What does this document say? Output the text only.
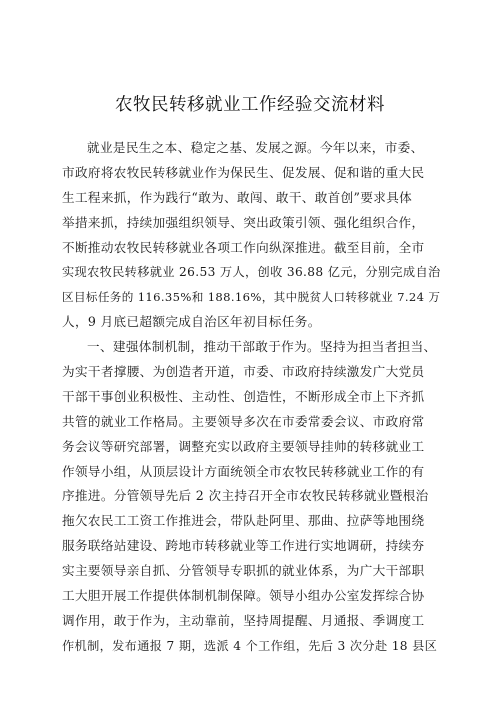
农牧民转移就业工作经验交流材料
就业是民生之本、稳定之基、发展之源。今年以来，市委、
市政府将农牧民转移就业作为保民生、促发展、促和谐的重大民
生工程来抓，作为践行“敢为、敢闯、敢干、敢首创”要求具体
举措来抓，持续加强组织领导、突出政策引领、强化组织合作，
不断推动农牧民转移就业各项工作向纵深推进。截至目前，全市
实现农牧民转移就业 26.53 万人，创收 36.88 亿元，分别完成自治
区目标任务的 116.35%和 188.16%，其中脱贫人口转移就业 7.24 万
人，9 月底已超额完成自治区年初目标任务。
一、建强体制机制，推动干部敢于作为。坚持为担当者担当、
为实干者撑腰、为创造者开道，市委、市政府持续激发广大党员
干部干事创业积极性、主动性、创造性，不断形成全市上下齐抓
共管的就业工作格局。主要领导多次在市委常委会议、市政府常
务会议等研究部署，调整充实以政府主要领导挂帅的转移就业工
作领导小组，从顶层设计方面统领全市农牧民转移就业工作的有
序推进。分管领导先后 2 次主持召开全市农牧民转移就业暨根治
拖欠农民工工资工作推进会，带队赴阿里、那曲、拉萨等地围绕
服务联络站建设、跨地市转移就业等工作进行实地调研，持续夯
实主要领导亲自抓、分管领导专职抓的就业体系，为广大干部职
工大胆开展工作提供体制机制保障。领导小组办公室发挥综合协
调作用，敢于作为，主动靠前，坚持周提醒、月通报、季调度工
作机制，发布通报 7 期，选派 4 个工作组，先后 3 次分赴 18 县区
